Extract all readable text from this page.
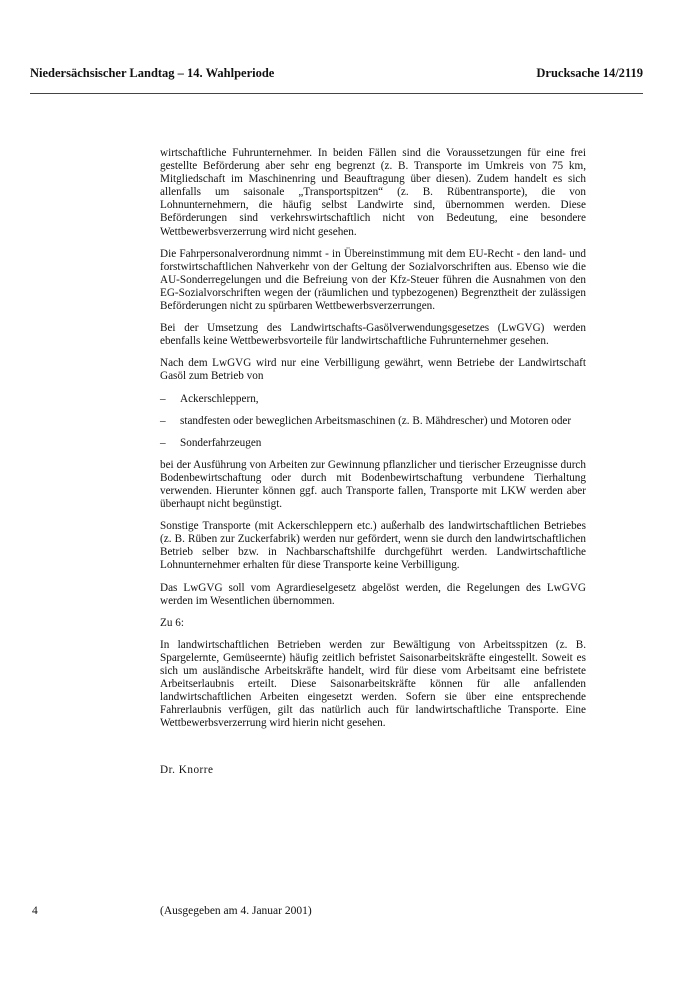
Niedersächsischer Landtag – 14. Wahlperiode	Drucksache 14/2119

wirtschaftliche Fuhrunternehmer. In beiden Fällen sind die Voraussetzungen für eine frei gestellte Beförderung aber sehr eng begrenzt (z. B. Transporte im Umkreis von 75 km, Mitgliedschaft im Maschinenring und Beauftragung über diesen). Zudem handelt es sich allenfalls um saisonale „Transportspitzen“ (z. B. Rübentransporte), die von Lohnunternehmern, die häufig selbst Landwirte sind, übernommen werden. Diese Beförderungen sind verkehrswirtschaftlich nicht von Bedeutung, eine besondere Wettbewerbsverzerrung wird nicht gesehen.

Die Fahrpersonalverordnung nimmt - in Übereinstimmung mit dem EU-Recht - den land- und forstwirtschaftlichen Nahverkehr von der Geltung der Sozialvorschriften aus. Ebenso wie die AU-Sonderregelungen und die Befreiung von der Kfz-Steuer führen die Ausnahmen von den EG-Sozialvorschriften wegen der (räumlichen und typbezogenen) Begrenztheit der zulässigen Beförderungen nicht zu spürbaren Wettbewerbsverzerrungen.

Bei der Umsetzung des Landwirtschafts-Gasölverwendungsgesetzes (LwGVG) werden ebenfalls keine Wettbewerbsvorteile für landwirtschaftliche Fuhrunternehmer gesehen.

Nach dem LwGVG wird nur eine Verbilligung gewährt, wenn Betriebe der Landwirtschaft Gasöl zum Betrieb von

– Ackerschleppern,
– standfesten oder beweglichen Arbeitsmaschinen (z. B. Mähdrescher) und Motoren oder
– Sonderfahrzeugen

bei der Ausführung von Arbeiten zur Gewinnung pflanzlicher und tierischer Erzeugnisse durch Bodenbewirtschaftung oder durch mit Bodenbewirtschaftung verbundene Tierhaltung verwenden. Hierunter können ggf. auch Transporte fallen, Transporte mit LKW werden aber überhaupt nicht begünstigt.

Sonstige Transporte (mit Ackerschleppern etc.) außerhalb des landwirtschaftlichen Betriebes (z. B. Rüben zur Zuckerfabrik) werden nur gefördert, wenn sie durch den landwirtschaftlichen Betrieb selber bzw. in Nachbarschaftshilfe durchgeführt werden. Landwirtschaftliche Lohnunternehmer erhalten für diese Transporte keine Verbilligung.

Das LwGVG soll vom Agrardieselgesetz abgelöst werden, die Regelungen des LwGVG werden im Wesentlichen übernommen.

Zu 6:

In landwirtschaftlichen Betrieben werden zur Bewältigung von Arbeitsspitzen (z. B. Spargelernte, Gemüseernte) häufig zeitlich befristet Saisonarbeitskräfte eingestellt. Soweit es sich um ausländische Arbeitskräfte handelt, wird für diese vom Arbeitsamt eine befristete Arbeitserlaubnis erteilt. Diese Saisonarbeitskräfte können für alle anfallenden landwirtschaftlichen Arbeiten eingesetzt werden. Sofern sie über eine entsprechende Fahrerlaubnis verfügen, gilt das natürlich auch für landwirtschaftliche Transporte. Eine Wettbewerbsverzerrung wird hierin nicht gesehen.

Dr. Knorre
4	(Ausgegeben am 4. Januar 2001)
